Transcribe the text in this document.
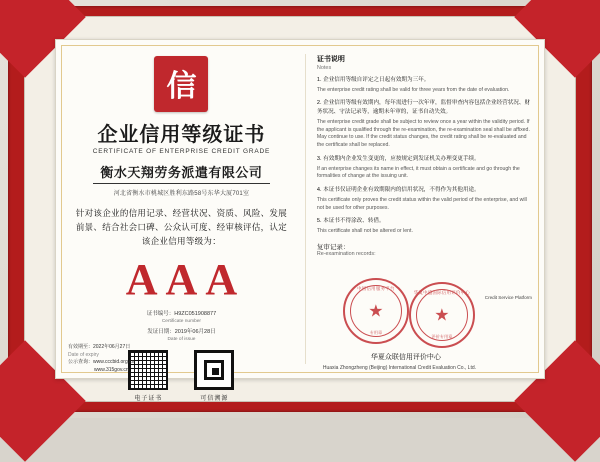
信
企业信用等级证书
CERTIFICATE OF ENTERPRISE CREDIT GRADE
衡水天翔劳务派遣有限公司
河北省衡水市桃城区胜利东路58号东华大厦701室
针对该企业的信用记录、经营状况、资质、风险、发展前景、结合社会口碑、公众认可度、经审核评估，认定该企业信用等级为：
AAA
证书编号：H9ZC051908877
Certificate number
发证日期：2019年06月28日
Date of issue
电子证书	可信溯源
有效期至：2022年06月27日
Date of expiry
公示查询：www.cccbid.org.cn
www.315gov.cn
证书说明
Notes
1. 企业信用等级自评定之日起有效期为三年。
The enterprise credit rating shall be valid for three years from the date of evaluation.
2. 企业信用等级有效期内，每年需进行一次年审，监督审查内容包括企业经营状况、财务状况、守法记录等，逾期未年审的，证书自动失效。
The enterprise credit grade shall be subject to review once a year within the validity period. If the applicant is qualified through the re-examination, the re-examination seal shall be affixed. May continue to use. If the credit status changes, the credit rating shall be re-evaluated and the certificate shall be replaced.
3. 有效期内企业发生变更的，应按规定到发证机关办理变更手续。
If an enterprise changes its name in effect, it must obtain a certificate and go through the formalities of change at the issuing unit.
4. 本证书仅证明企业有效期限内的信用状况，不得作为其他用途。
This certificate only proves the credit status within the valid period of the enterprise, and will not be used for other purposes.
5. 本证书不得涂改、转借。
This certificate shall not be altered or lent.
复审记录：
Re-examination records:
中国信用服务平台
★
专用章
华夏中盛国际信用评价中心
★
评价专用章
Credit Service Platform
华夏众联信用评价中心
Huaxia Zhongzheng (Beijing) International Credit Evaluation Co., Ltd.
